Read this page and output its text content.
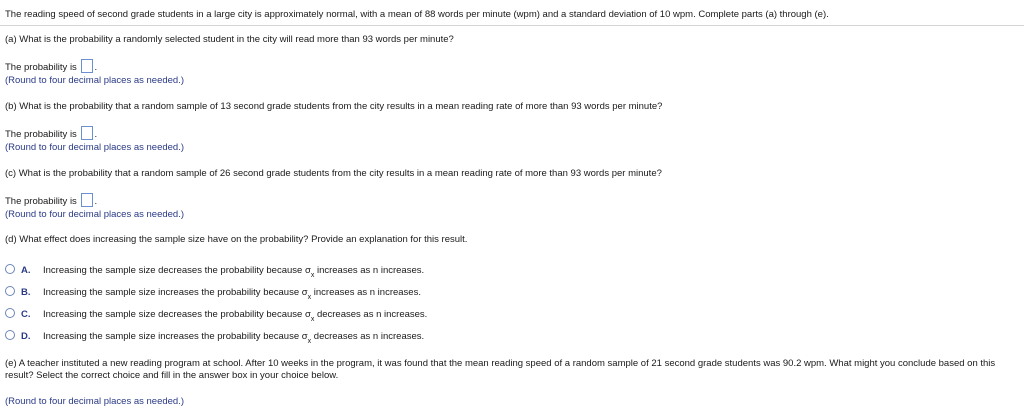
The reading speed of second grade students in a large city is approximately normal, with a mean of 88 words per minute (wpm) and a standard deviation of 10 wpm. Complete parts (a) through (e).
(a) What is the probability a randomly selected student in the city will read more than 93 words per minute?
The probability is .
(Round to four decimal places as needed.)
(b) What is the probability that a random sample of 13 second grade students from the city results in a mean reading rate of more than 93 words per minute?
The probability is .
(Round to four decimal places as needed.)
(c) What is the probability that a random sample of 26 second grade students from the city results in a mean reading rate of more than 93 words per minute?
The probability is .
(Round to four decimal places as needed.)
(d) What effect does increasing the sample size have on the probability? Provide an explanation for this result.
A. Increasing the sample size decreases the probability because $\sigma_x$ increases as n increases.
B. Increasing the sample size increases the probability because $\sigma_x$ increases as n increases.
C. Increasing the sample size decreases the probability because $\sigma_x$ decreases as n increases.
D. Increasing the sample size increases the probability because $\sigma_x$ decreases as n increases.
(e) A teacher instituted a new reading program at school. After 10 weeks in the program, it was found that the mean reading speed of a random sample of 21 second grade students was 90.2 wpm. What might you conclude based on this result? Select the correct choice and fill in the answer box in your choice below.
(Round to four decimal places as needed.)
